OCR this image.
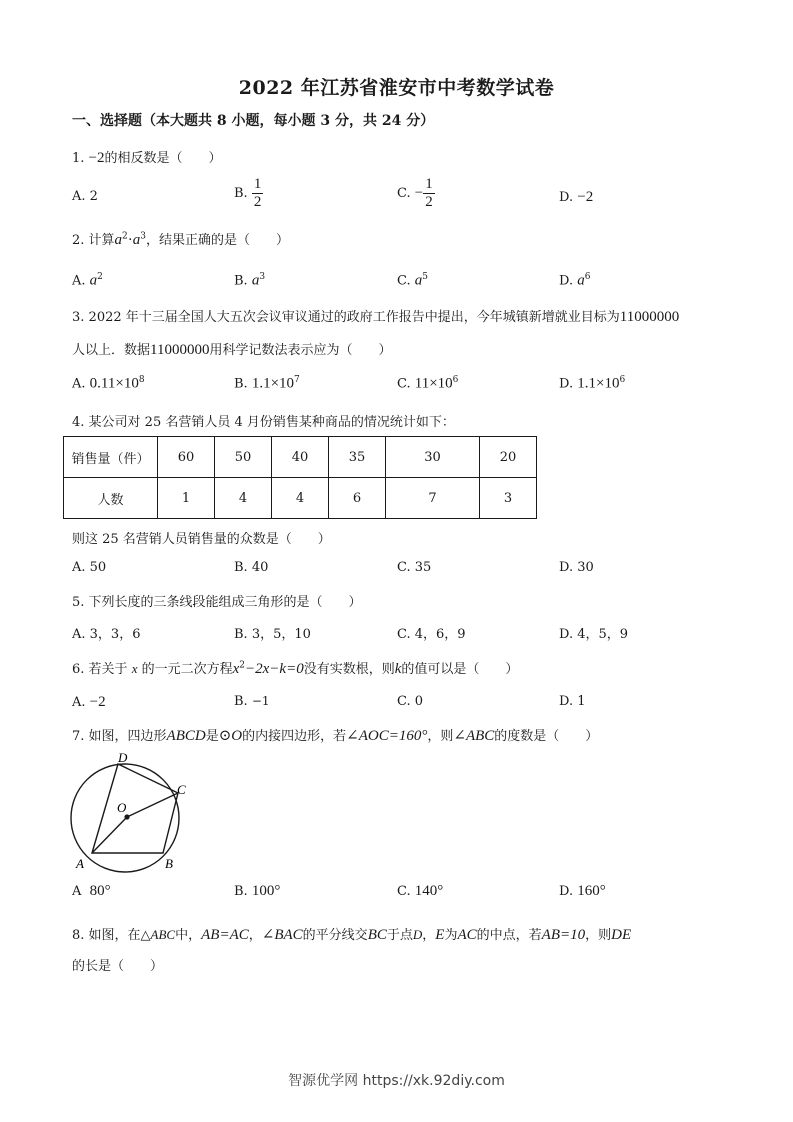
2022 年江苏省淮安市中考数学试卷
一、选择题（本大题共 8 小题，每小题 3 分，共 24 分）
1. −2的相反数是（　　）
A. 2	B. $\frac{1}{2}$	C. − $\frac{1}{2}$	D. −2
2. 计算$a^2\cdot a^3$，结果正确的是（　　）
A. $a^2$	B. $a^3$	C. $a^5$	D. $a^6$
3. 2022 年十三届全国人大五次会议审议通过的政府工作报告中提出，今年城镇新增就业目标为11000000
人以上．数据11000000用科学记数法表示应为（　　）
A. $0.11\times 10^8$	B. $1.1\times 10^7$	C. $11\times 10^6$	D. $1.1\times 10^6$
4. 某公司对 25 名营销人员 4 月份销售某种商品的情况统计如下：
销售量（件）	60	50	40	35	30	20
人数	1	4	4	6	7	3
则这 25 名营销人员销售量的众数是（　　）
A. 50	B. 40	C. 35	D. 30
5. 下列长度的三条线段能组成三角形的是（　　）
A. 3，3，6	B. 3，5，10	C. 4，6，9	D. 4，5，9
6. 若关于 x 的一元二次方程$x^2-2x-k=0$没有实数根，则k的值可以是（　　）
A. −2	B. −1	C. 0	D. 1
7. 如图，四边形ABCD是⊙O的内接四边形，若∠AOC=160°，则∠ABC的度数是（　　）
D
C
O
A	B
A 80°	B. 100°	C. 140°	D. 160°
8. 如图，在△ABC中，AB=AC，∠BAC的平分线交BC于点D，E为AC的中点，若AB=10，则DE
的长是（　　）
智源优学网 https://xk.92diy.com
